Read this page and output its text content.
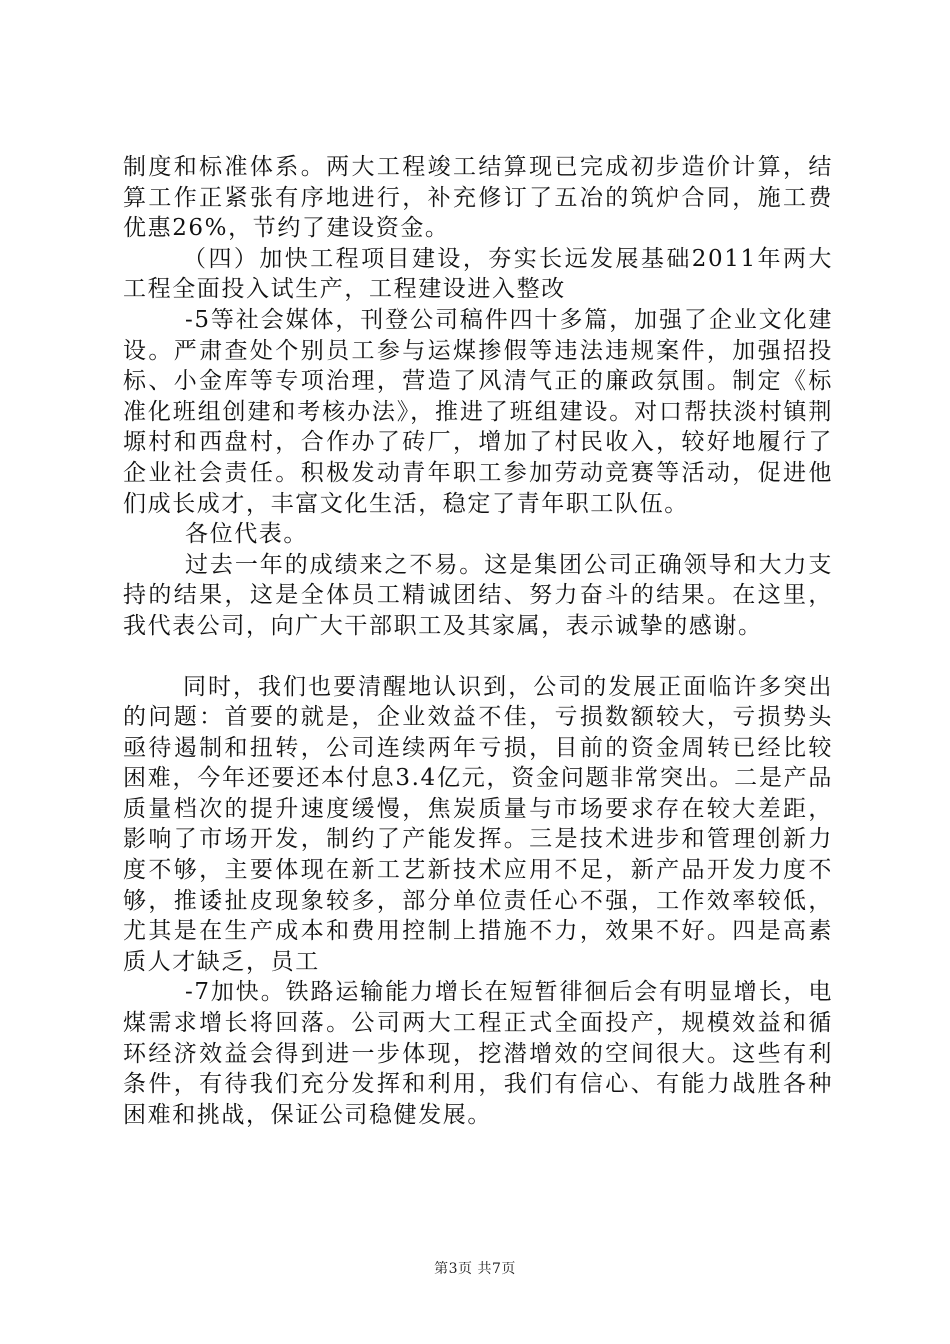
制度和标准体系。两大工程竣工结算现已完成初步造价计算，结算工作正紧张有序地进行，补充修订了五冶的筑炉合同，施工费优惠26%，节约了建设资金。

（四）加快工程项目建设，夯实长远发展基础2011年两大工程全面投入试生产，工程建设进入整改

-5等社会媒体，刊登公司稿件四十多篇，加强了企业文化建设。严肃查处个别员工参与运煤掺假等违法违规案件，加强招投标、小金库等专项治理，营造了风清气正的廉政氛围。制定《标准化班组创建和考核办法》，推进了班组建设。对口帮扶淡村镇荆塬村和西盘村，合作办了砖厂，增加了村民收入，较好地履行了企业社会责任。积极发动青年职工参加劳动竞赛等活动，促进他们成长成才，丰富文化生活，稳定了青年职工队伍。

各位代表。

过去一年的成绩来之不易。这是集团公司正确领导和大力支持的结果，这是全体员工精诚团结、努力奋斗的结果。在这里，我代表公司，向广大干部职工及其家属，表示诚挚的感谢。

同时，我们也要清醒地认识到，公司的发展正面临许多突出的问题：首要的就是，企业效益不佳，亏损数额较大，亏损势头亟待遏制和扭转，公司连续两年亏损，目前的资金周转已经比较困难，今年还要还本付息3.4亿元，资金问题非常突出。二是产品质量档次的提升速度缓慢，焦炭质量与市场要求存在较大差距，影响了市场开发，制约了产能发挥。三是技术进步和管理创新力度不够，主要体现在新工艺新技术应用不足，新产品开发力度不够，推诿扯皮现象较多，部分单位责任心不强，工作效率较低，尤其是在生产成本和费用控制上措施不力，效果不好。四是高素质人才缺乏，员工

-7加快。铁路运输能力增长在短暂徘徊后会有明显增长，电煤需求增长将回落。公司两大工程正式全面投产，规模效益和循环经济效益会得到进一步体现，挖潜增效的空间很大。这些有利条件，有待我们充分发挥和利用，我们有信心、有能力战胜各种困难和挑战，保证公司稳健发展。

第3页 共7页
